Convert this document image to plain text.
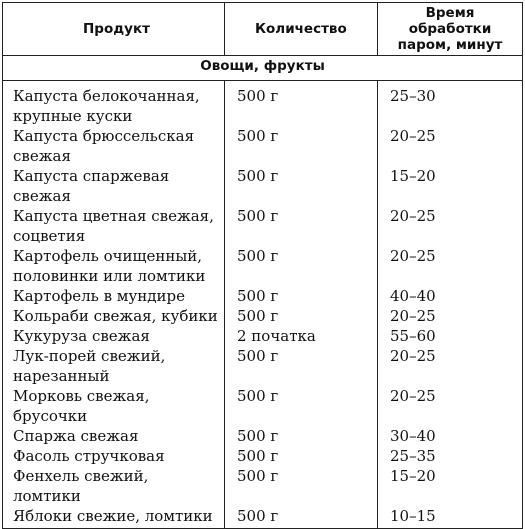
Продукт	Количество	Время обработки паром, минут
Овощи, фрукты		
Капуста белокочанная, крупные куски	500 г	25–30
Капуста брюссельская свежая	500 г	20–25
Капуста спаржевая свежая	500 г	15–20
Капуста цветная свежая, соцветия	500 г	20–25
Картофель очищенный, половинки или ломтики	500 г	20–25
Картофель в мундире	500 г	40–40
Кольраби свежая, кубики	500 г	20–25
Кукуруза свежая	2 початка	55–60
Лук-порей свежий, нарезанный	500 г	20–25
Морковь свежая, брусочки	500 г	20–25
Спаржа свежая	500 г	30–40
Фасоль стручковая	500 г	25–35
Фенхель свежий, ломтики	500 г	15–20
Яблоки свежие, ломтики	500 г	10–15
